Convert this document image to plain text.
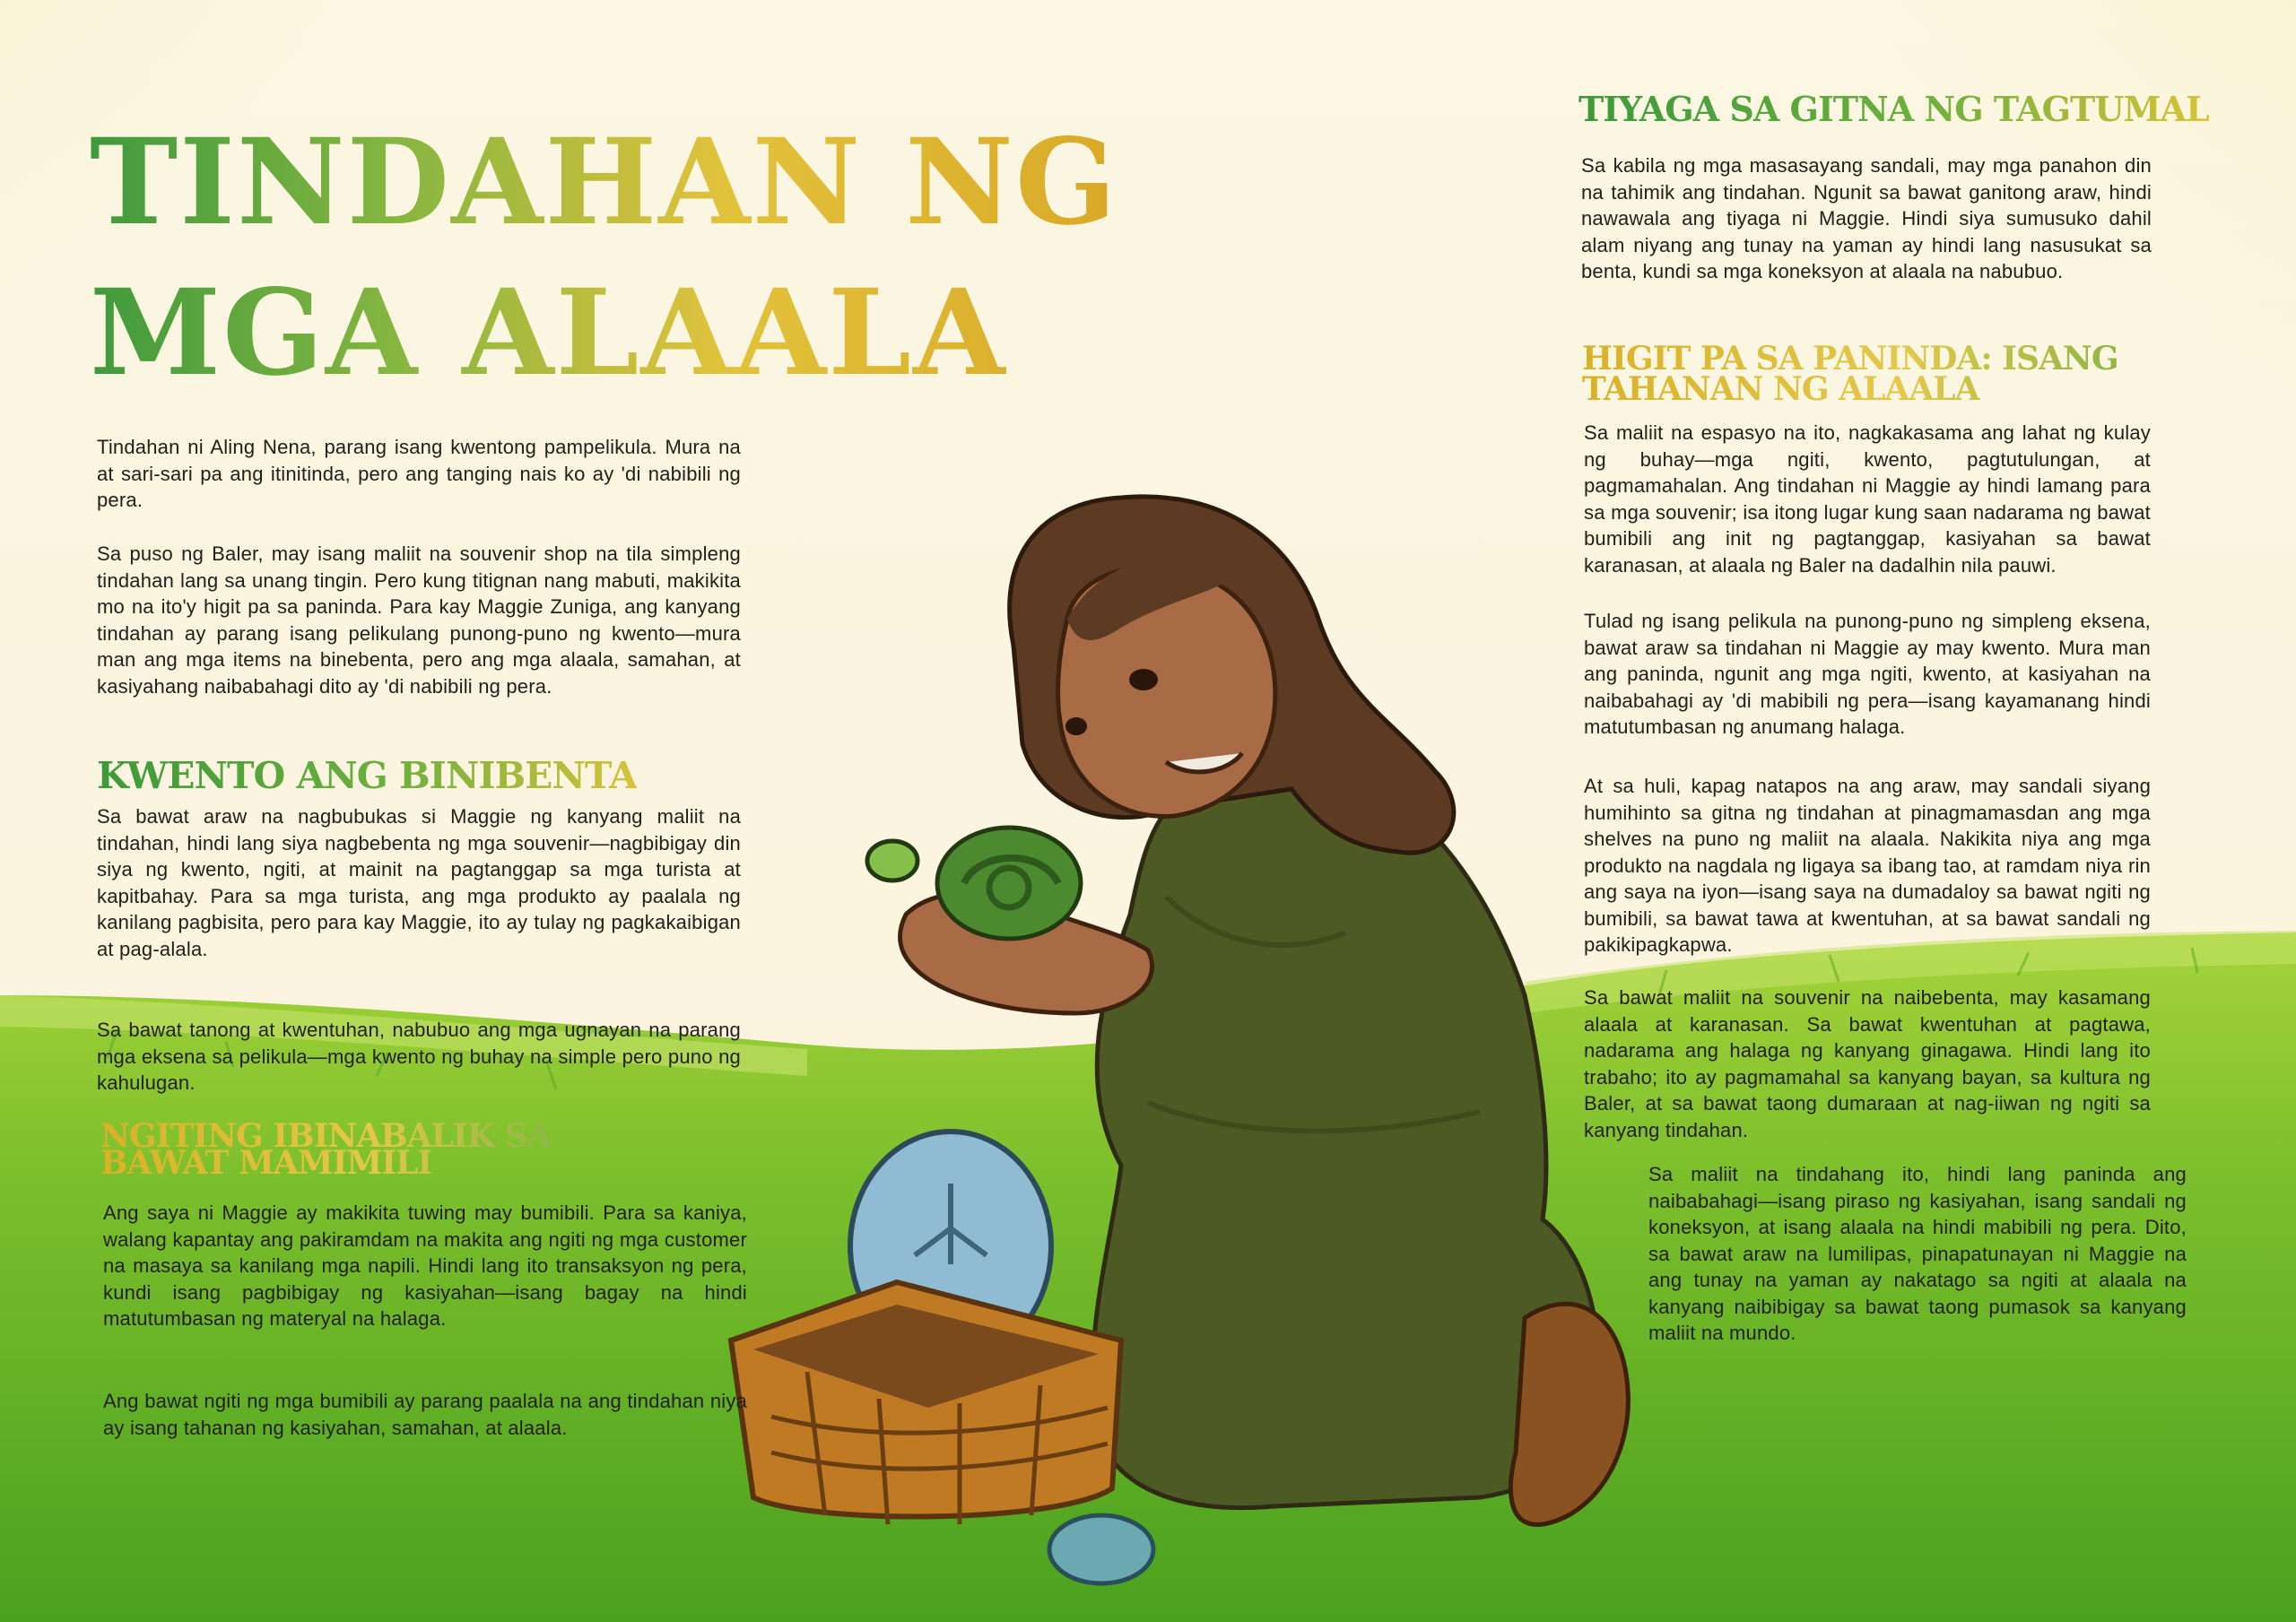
TINDAHAN NG
MGA ALAALA

Tindahan ni Aling Nena, parang isang kwentong pampelikula. Mura na at sari-sari pa ang itinitinda, pero ang tanging nais ko ay 'di nabibili ng pera.

Sa puso ng Baler, may isang maliit na souvenir shop na tila simpleng tindahan lang sa unang tingin. Pero kung titignan nang mabuti, makikita mo na ito'y higit pa sa paninda. Para kay Maggie Zuniga, ang kanyang tindahan ay parang isang pelikulang punong-puno ng kwento—mura man ang mga items na binebenta, pero ang mga alaala, samahan, at kasiyahang naibabahagi dito ay 'di nabibili ng pera.

KWENTO ANG BINIBENTA

Sa bawat araw na nagbubukas si Maggie ng kanyang maliit na tindahan, hindi lang siya nagbebenta ng mga souvenir—nagbibigay din siya ng kwento, ngiti, at mainit na pagtanggap sa mga turista at kapitbahay. Para sa mga turista, ang mga produkto ay paalala ng kanilang pagbisita, pero para kay Maggie, ito ay tulay ng pagkakaibigan at pag-alala.

Sa bawat tanong at kwentuhan, nabubuo ang mga ugnayan na parang mga eksena sa pelikula—mga kwento ng buhay na simple pero puno ng kahulugan.

NGITING IBINABALIK SA
BAWAT MAMIMILI

Ang saya ni Maggie ay makikita tuwing may bumibili. Para sa kaniya, walang kapantay ang pakiramdam na makita ang ngiti ng mga customer na masaya sa kanilang mga napili. Hindi lang ito transaksyon ng pera, kundi isang pagbibigay ng kasiyahan—isang bagay na hindi matutumbasan ng materyal na halaga.

Ang bawat ngiti ng mga bumibili ay parang paalala na ang tindahan niya ay isang tahanan ng kasiyahan, samahan, at alaala.

TIYAGA SA GITNA NG TAGTUMAL

Sa kabila ng mga masasayang sandali, may mga panahon din na tahimik ang tindahan. Ngunit sa bawat ganitong araw, hindi nawawala ang tiyaga ni Maggie. Hindi siya sumusuko dahil alam niyang ang tunay na yaman ay hindi lang nasusukat sa benta, kundi sa mga koneksyon at alaala na nabubuo.

HIGIT PA SA PANINDA: ISANG
TAHANAN NG ALAALA

Sa maliit na espasyo na ito, nagkakasama ang lahat ng kulay ng buhay—mga ngiti, kwento, pagtutulungan, at pagmamahalan. Ang tindahan ni Maggie ay hindi lamang para sa mga souvenir; isa itong lugar kung saan nadarama ng bawat bumibili ang init ng pagtanggap, kasiyahan sa bawat karanasan, at alaala ng Baler na dadalhin nila pauwi.

Tulad ng isang pelikula na punong-puno ng simpleng eksena, bawat araw sa tindahan ni Maggie ay may kwento. Mura man ang paninda, ngunit ang mga ngiti, kwento, at kasiyahan na naibabahagi ay 'di mabibili ng pera—isang kayamanang hindi matutumbasan ng anumang halaga.

At sa huli, kapag natapos na ang araw, may sandali siyang humihinto sa gitna ng tindahan at pinagmamasdan ang mga shelves na puno ng maliit na alaala. Nakikita niya ang mga produkto na nagdala ng ligaya sa ibang tao, at ramdam niya rin ang saya na iyon—isang saya na dumadaloy sa bawat ngiti ng bumibili, sa bawat tawa at kwentuhan, at sa bawat sandali ng pakikipagkapwa.

Sa bawat maliit na souvenir na naibebenta, may kasamang alaala at karanasan. Sa bawat kwentuhan at pagtawa, nadarama ang halaga ng kanyang ginagawa. Hindi lang ito trabaho; ito ay pagmamahal sa kanyang bayan, sa kultura ng Baler, at sa bawat taong dumaraan at nag-iiwan ng ngiti sa kanyang tindahan.

Sa maliit na tindahang ito, hindi lang paninda ang naibabahagi—isang piraso ng kasiyahan, isang sandali ng koneksyon, at isang alaala na hindi mabibili ng pera. Dito, sa bawat araw na lumilipas, pinapatunayan ni Maggie na ang tunay na yaman ay nakatago sa ngiti at alaala na kanyang naibibigay sa bawat taong pumasok sa kanyang maliit na mundo.
